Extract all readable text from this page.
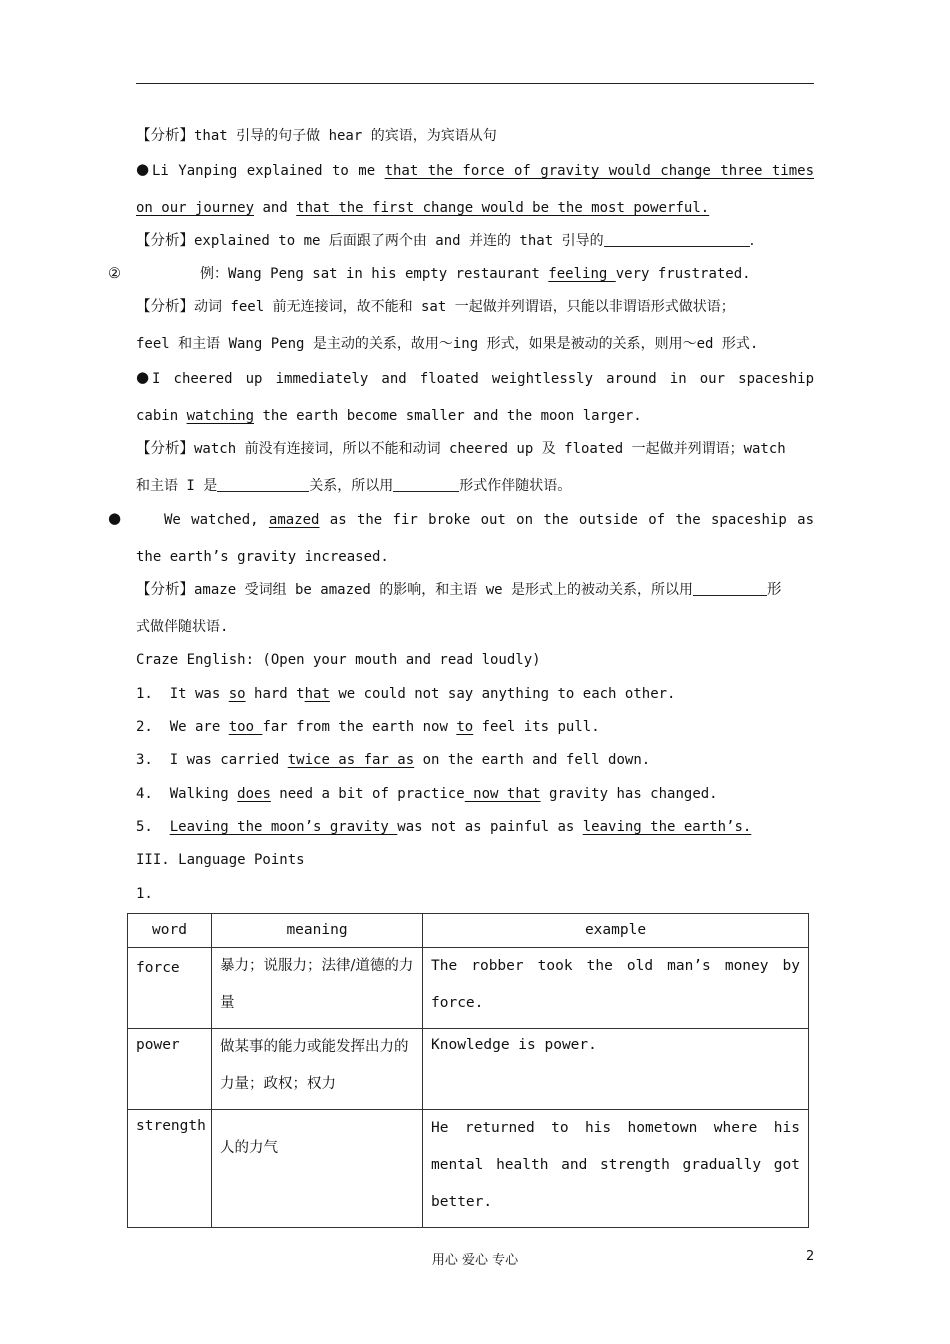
【分析】that 引导的句子做 hear 的宾语，为宾语从句
● Li Yanping explained to me that the force of gravity would change three times
on our journey and that the first change would be the most powerful.
【分析】explained to me 后面跟了两个由 and 并连的 that 引导的	.
②	例：Wang Peng sat in his empty restaurant feeling very frustrated.
【分析】动词 feel 前无连接词，故不能和 sat 一起做并列谓语，只能以非谓语形式做状语；
feel 和主语 Wang Peng 是主动的关系，故用～ing 形式，如果是被动的关系，则用～ed 形式.
● I cheered up immediately and floated weightlessly around in our spaceship
cabin watching the earth become smaller and the moon larger.
【分析】watch 前没有连接词，所以不能和动词 cheered up 及 floated 一起做并列谓语；watch
和主语 I 是	关系，所以用	形式作伴随状语。
●	We watched, amazed as the fir broke out on the outside of the spaceship as
the earth’s gravity increased.
【分析】amaze 受词组 be amazed 的影响，和主语 we 是形式上的被动关系，所以用	形
式做伴随状语.
Craze English: (Open your mouth and read loudly)
1. It was so hard that we could not say anything to each other.
2. We are too far from the earth now to feel its pull.
3. I was carried twice as far as on the earth and fell down.
4. Walking does need a bit of practice now that gravity has changed.
5. Leaving the moon’s gravity was not as painful as leaving the earth’s.
III. Language Points
1.
word	meaning	example
force	暴力；说服力；法律/道德的力量	The robber took the old man’s money by force.

power	做某事的能力或能发挥出力的力量；政权；权力	Knowledge is power.
strength	人的力气	He returned to his hometown where his mental health and strength gradually got better.
用心 爱心 专心	2
